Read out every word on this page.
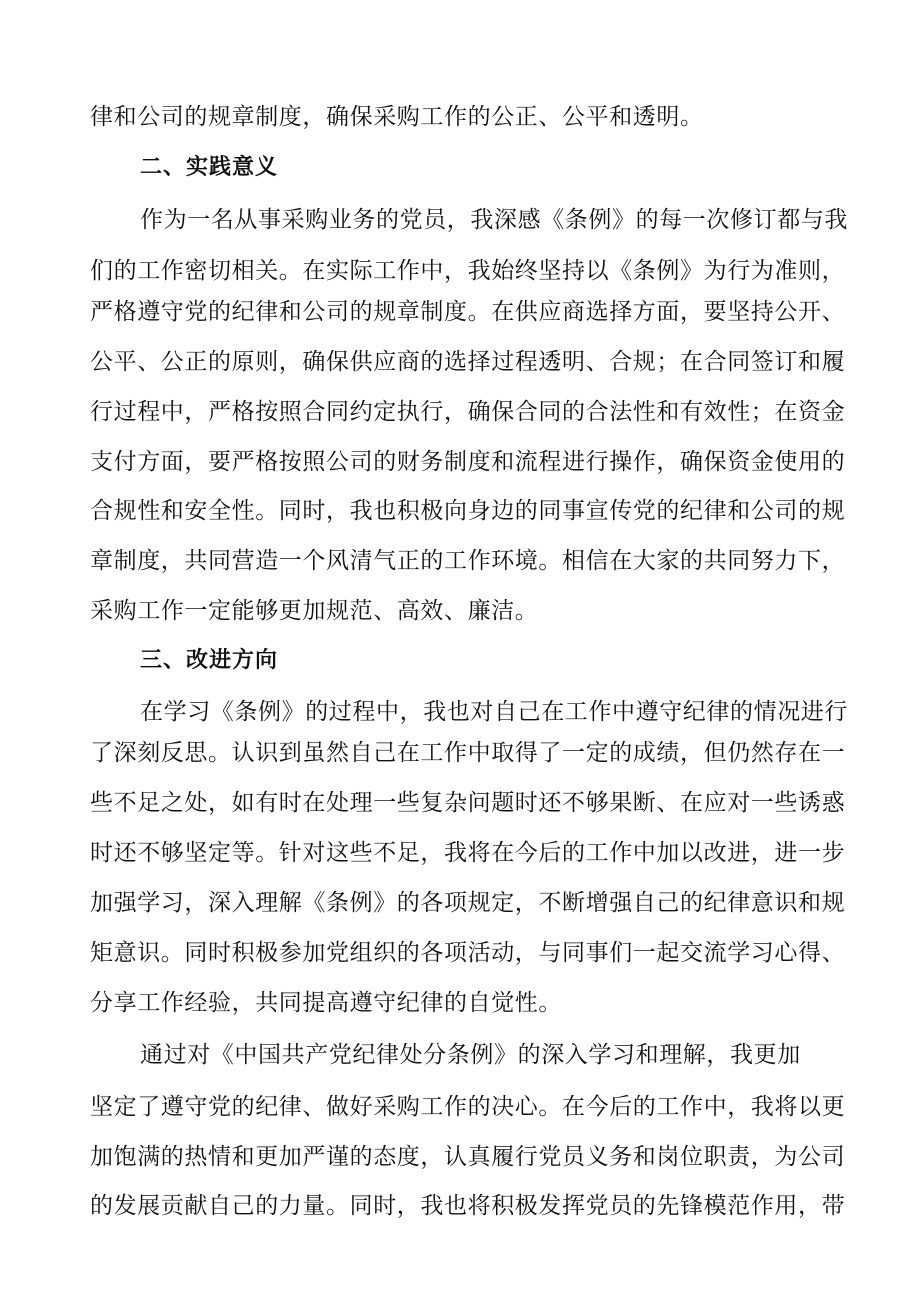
律和公司的规章制度，确保采购工作的公正、公平和透明。
二、实践意义
作为一名从事采购业务的党员，我深感《条例》的每一次修订都与我
们的工作密切相关。在实际工作中，我始终坚持以《条例》为行为准则，
严格遵守党的纪律和公司的规章制度。在供应商选择方面，要坚持公开、
公平、公正的原则，确保供应商的选择过程透明、合规；在合同签订和履
行过程中，严格按照合同约定执行，确保合同的合法性和有效性；在资金
支付方面，要严格按照公司的财务制度和流程进行操作，确保资金使用的
合规性和安全性。同时，我也积极向身边的同事宣传党的纪律和公司的规
章制度，共同营造一个风清气正的工作环境。相信在大家的共同努力下，
采购工作一定能够更加规范、高效、廉洁。
三、改进方向
在学习《条例》的过程中，我也对自己在工作中遵守纪律的情况进行
了深刻反思。认识到虽然自己在工作中取得了一定的成绩，但仍然存在一
些不足之处，如有时在处理一些复杂问题时还不够果断、在应对一些诱惑
时还不够坚定等。针对这些不足，我将在今后的工作中加以改进，进一步
加强学习，深入理解《条例》的各项规定，不断增强自己的纪律意识和规
矩意识。同时积极参加党组织的各项活动，与同事们一起交流学习心得、
分享工作经验，共同提高遵守纪律的自觉性。
通过对《中国共产党纪律处分条例》的深入学习和理解，我更加
坚定了遵守党的纪律、做好采购工作的决心。在今后的工作中，我将以更
加饱满的热情和更加严谨的态度，认真履行党员义务和岗位职责，为公司
的发展贡献自己的力量。同时，我也将积极发挥党员的先锋模范作用，带
